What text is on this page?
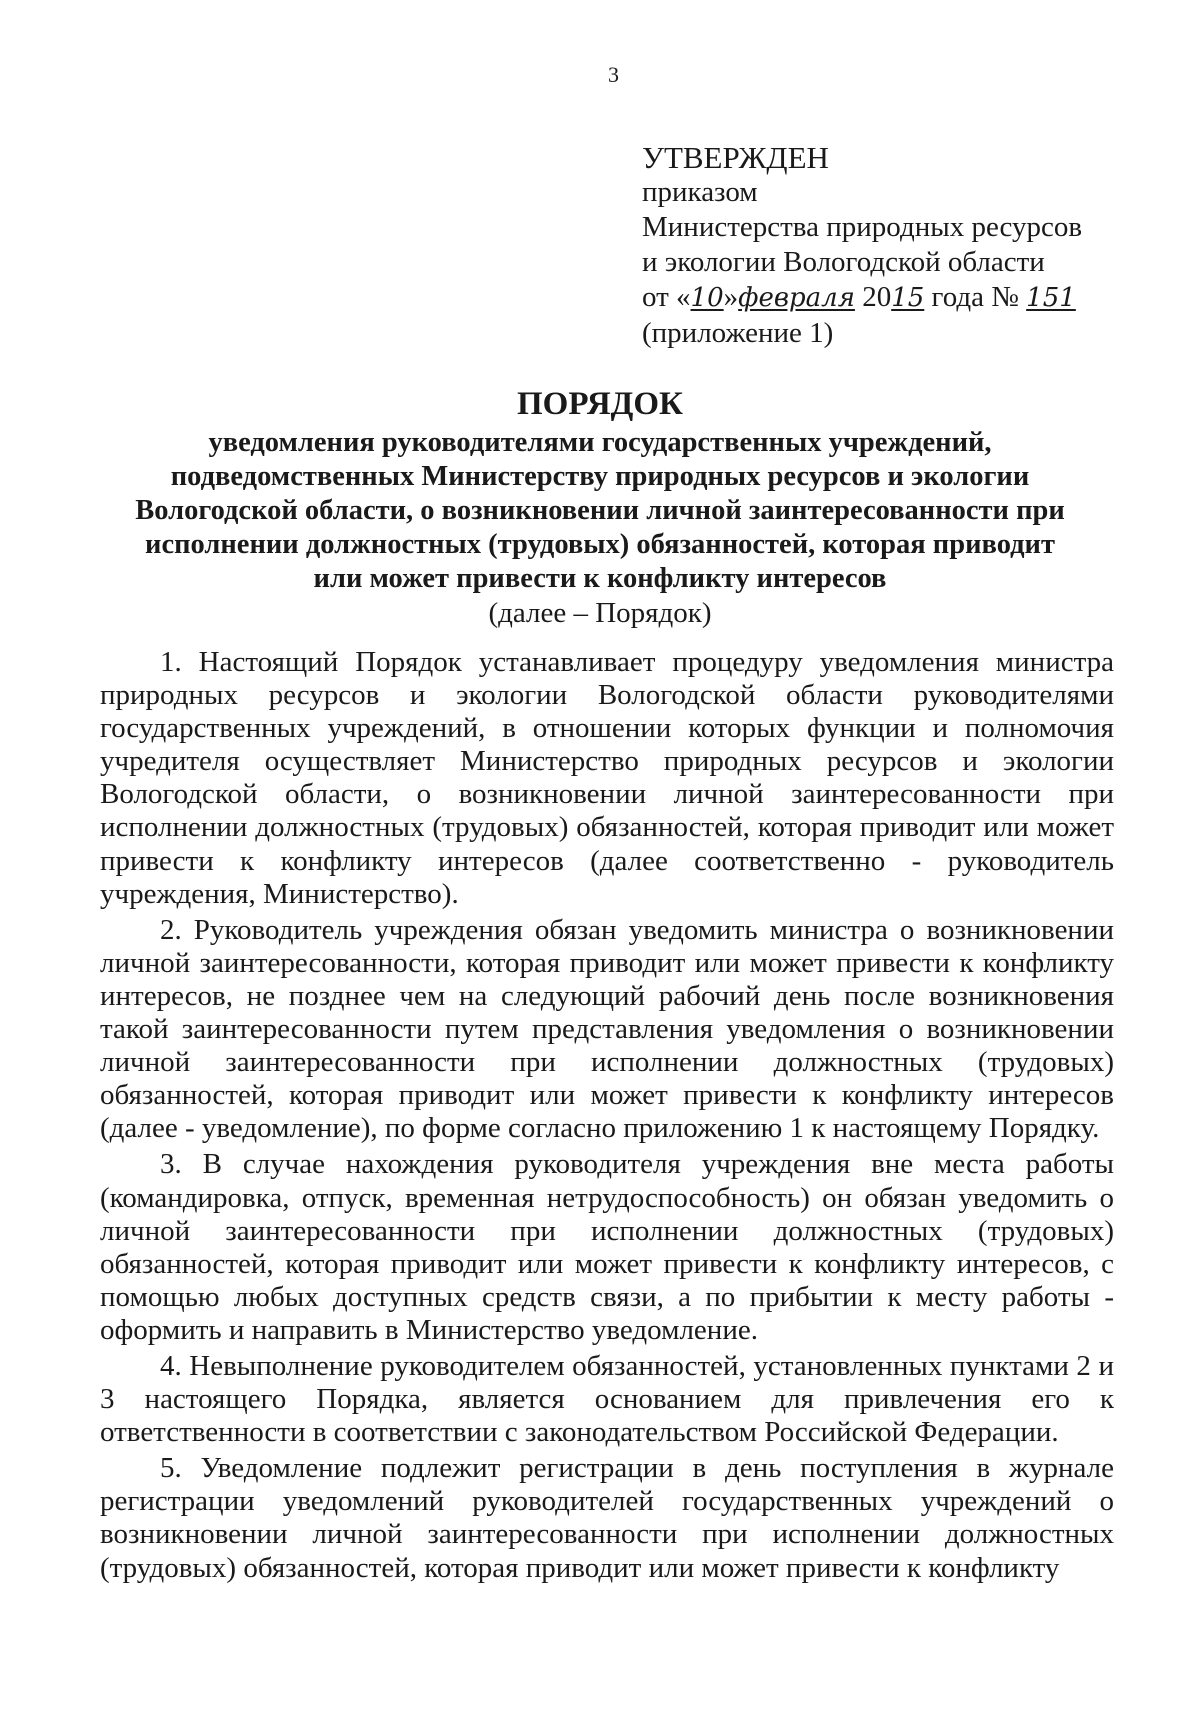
3
УТВЕРЖДЕН
приказом
Министерства природных ресурсов
и экологии Вологодской области
от «10»февраля 2015 года № 151
(приложение 1)
ПОРЯДОК
уведомления руководителями государственных учреждений,
подведомственных Министерству природных ресурсов и экологии
Вологодской области, о возникновении личной заинтересованности при
исполнении должностных (трудовых) обязанностей, которая приводит
или может привести к конфликту интересов
(далее – Порядок)

1. Настоящий Порядок устанавливает процедуру уведомления министра природных ресурсов и экологии Вологодской области руководителями государственных учреждений, в отношении которых функции и полномочия учредителя осуществляет Министерство природных ресурсов и экологии Вологодской области, о возникновении личной заинтересованности при исполнении должностных (трудовых) обязанностей, которая приводит или может привести к конфликту интересов (далее соответственно - руководитель учреждения, Министерство).

2. Руководитель учреждения обязан уведомить министра о возникновении личной заинтересованности, которая приводит или может привести к конфликту интересов, не позднее чем на следующий рабочий день после возникновения такой заинтересованности путем представления уведомления о возникновении личной заинтересованности при исполнении должностных (трудовых) обязанностей, которая приводит или может привести к конфликту интересов (далее - уведомление), по форме согласно приложению 1 к настоящему Порядку.

3. В случае нахождения руководителя учреждения вне места работы (командировка, отпуск, временная нетрудоспособность) он обязан уведомить о личной заинтересованности при исполнении должностных (трудовых) обязанностей, которая приводит или может привести к конфликту интересов, с помощью любых доступных средств связи, а по прибытии к месту работы - оформить и направить в Министерство уведомление.

4. Невыполнение руководителем обязанностей, установленных пунктами 2 и 3 настоящего Порядка, является основанием для привлечения его к ответственности в соответствии с законодательством Российской Федерации.

5. Уведомление подлежит регистрации в день поступления в журнале регистрации уведомлений руководителей государственных учреждений о возникновении личной заинтересованности при исполнении должностных (трудовых) обязанностей, которая приводит или может привести к конфликту
